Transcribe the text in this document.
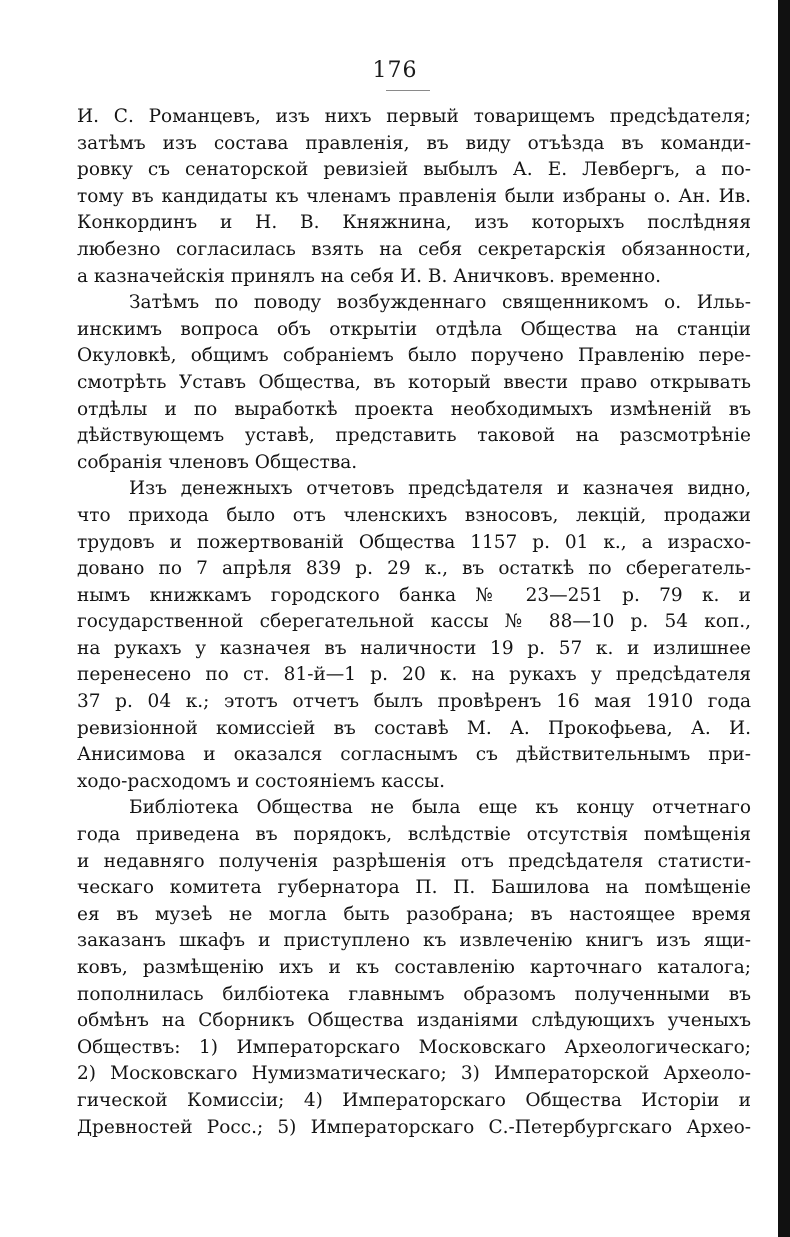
176
И. С. Романцевъ, изъ нихъ первый товарищемъ предсѣдателя;
затѣмъ изъ состава правленія, въ виду отъѣзда въ команди-
ровку съ сенаторской ревизіей выбылъ А. Е. Левбергъ, а по-
тому въ кандидаты къ членамъ правленія были избраны о. Ан. Ив.
Конкординъ и Н. В. Княжнина, изъ которыхъ послѣдняя
любезно согласилась взять на себя секретарскія обязанности,
а казначейскія принялъ на себя И. В. Аничковъ. временно.
Затѣмъ по поводу возбужденнаго священникомъ о. Ильь-
инскимъ вопроса объ открытіи отдѣла Общества на станціи
Окуловкѣ, общимъ собраніемъ было поручено Правленію пере-
смотрѣть Уставъ Общества, въ который ввести право открывать
отдѣлы и по выработкѣ проекта необходимыхъ измѣненій въ
дѣйствующемъ уставѣ, представить таковой на разсмотрѣніе
собранія членовъ Общества.
Изъ денежныхъ отчетовъ предсѣдателя и казначея видно,
что прихода было отъ членскихъ взносовъ, лекцій, продажи
трудовъ и пожертвованій Общества 1157 р. 01 к., а израсхо-
довано по 7 апрѣля 839 р. 29 к., въ остаткѣ по сберегатель-
нымъ книжкамъ городского банка № 23—251 р. 79 к. и
государственной сберегательной кассы № 88—10 р. 54 коп.,
на рукахъ у казначея въ наличности 19 р. 57 к. и излишнее
перенесено по ст. 81-й—1 р. 20 к. на рукахъ у предсѣдателя
37 р. 04 к.; этотъ отчетъ былъ провѣренъ 16 мая 1910 года
ревизіонной комиссіей въ составѣ М. А. Прокофьева, А. И.
Анисимова и оказался согласнымъ съ дѣйствительнымъ при-
ходо-расходомъ и состояніемъ кассы.
Библіотека Общества не была еще къ концу отчетнаго
года приведена въ порядокъ, вслѣдствіе отсутствія помѣщенія
и недавняго полученія разрѣшенія отъ предсѣдателя статисти-
ческаго комитета губернатора П. П. Башилова на помѣщеніе
ея въ музеѣ не могла быть разобрана; въ настоящее время
заказанъ шкафъ и приступлено къ извлеченію книгъ изъ ящи-
ковъ, размѣщенію ихъ и къ составленію карточнаго каталога;
пополнилась билбіотека главнымъ образомъ полученными въ
обмѣнъ на Сборникъ Общества изданіями слѣдующихъ ученыхъ
Обществъ: 1) Императорскаго Московскаго Археологическаго;
2) Московскаго Нумизматическаго; 3) Императорской Археоло-
гической Комиссіи; 4) Императорскаго Общества Исторіи и
Древностей Росс.; 5) Императорскаго С.-Петербургскаго Архео-
